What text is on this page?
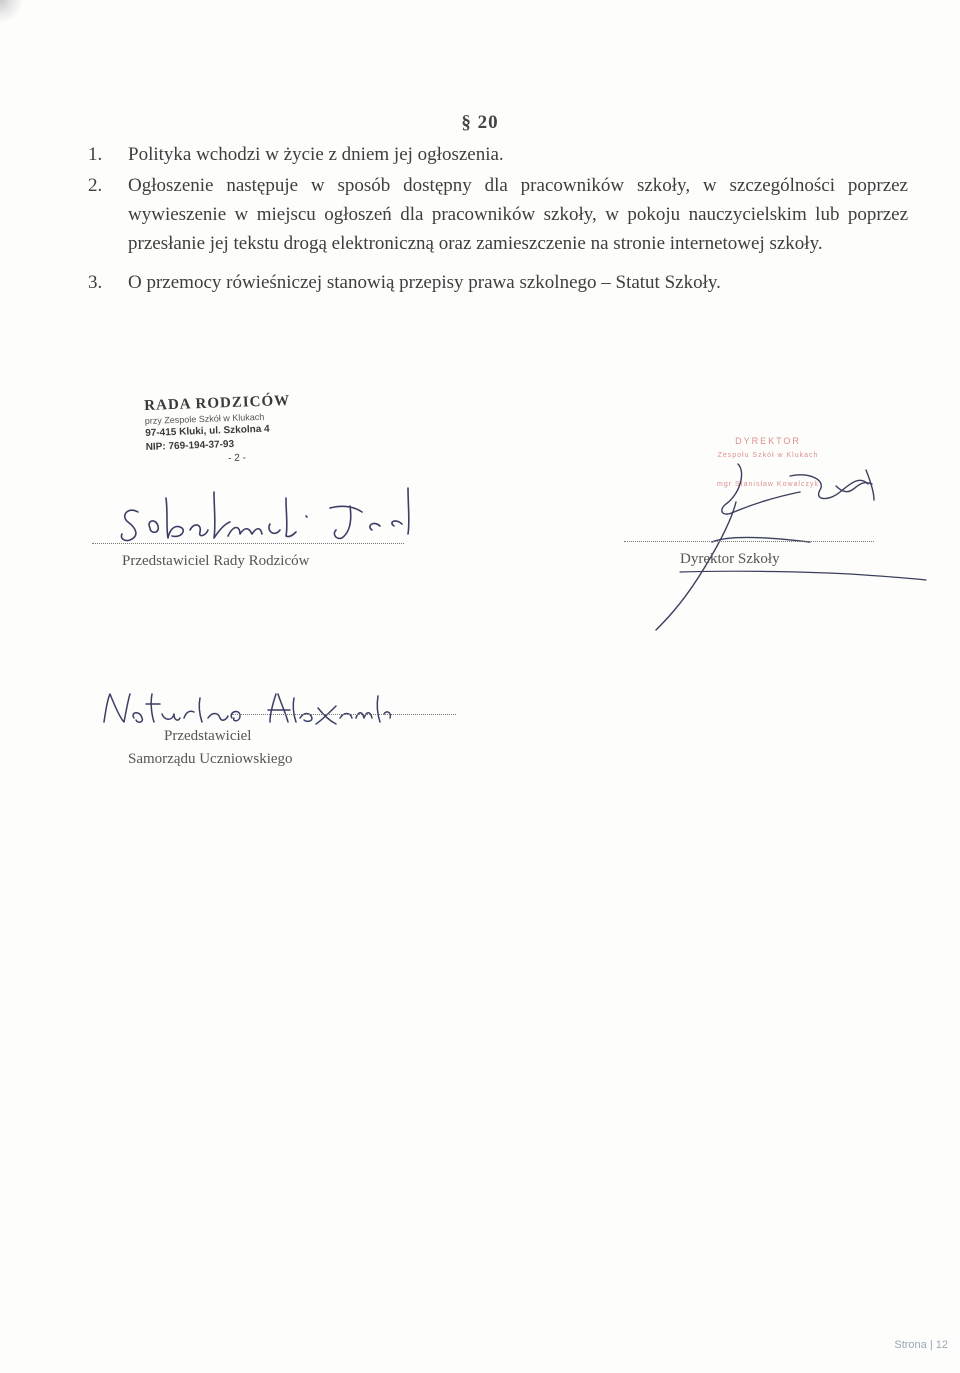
§ 20
1. Polityka wchodzi w życie z dniem jej ogłoszenia.
2. Ogłoszenie następuje w sposób dostępny dla pracowników szkoły, w szczególności poprzez wywieszenie w miejscu ogłoszeń dla pracowników szkoły, w pokoju nauczycielskim lub poprzez przesłanie jej tekstu drogą elektroniczną oraz zamieszczenie na stronie internetowej szkoły.
3. O przemocy rówieśniczej stanowią przepisy prawa szkolnego – Statut Szkoły.
RADA RODZICÓW
przy Zespole Szkół w Klukach
97-415 Kluki, ul. Szkolna 4
NIP: 769-194-37-93
- 2 -
Przedstawiciel Rady Rodziców
DYREKTOR
Zespołu Szkół w Klukach
mgr Stanisław Kowalczyk
Dyrektor Szkoły
Przedstawiciel
Samorządu Uczniowskiego
Strona | 12
